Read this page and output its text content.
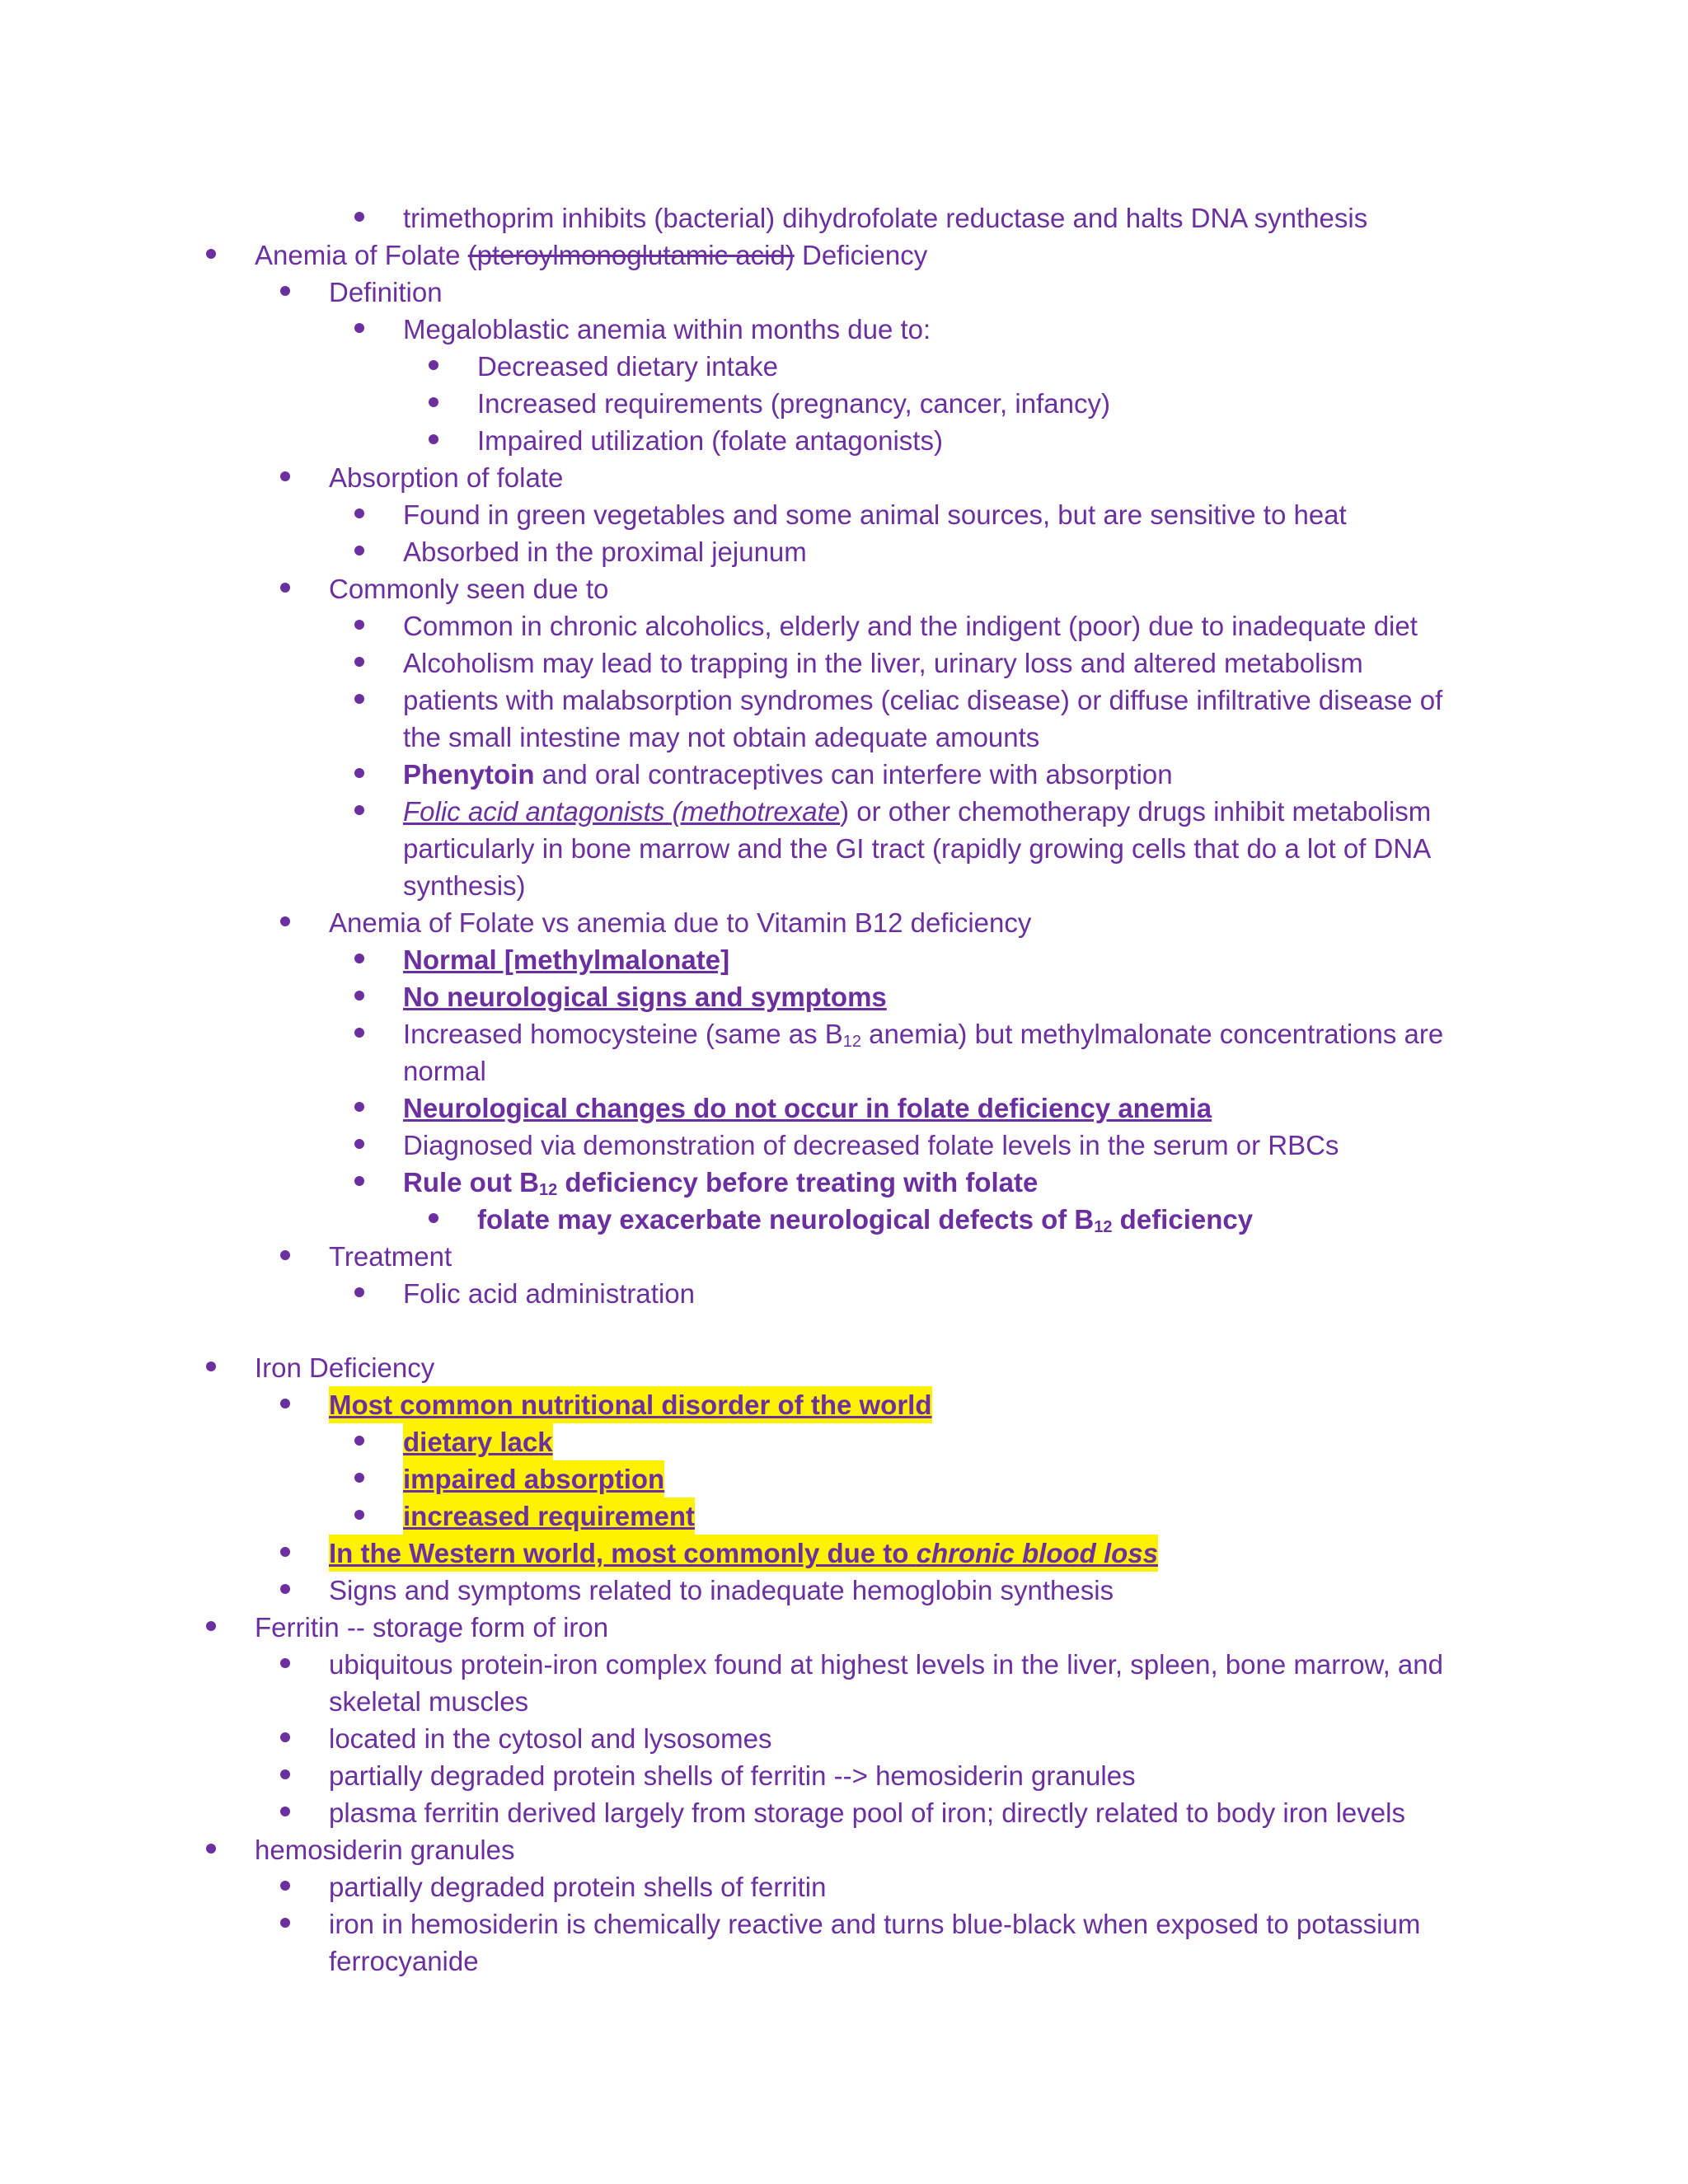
trimethoprim inhibits (bacterial) dihydrofolate reductase and halts DNA synthesis
Anemia of Folate (pteroylmonoglutamic acid) Deficiency
Definition
Megaloblastic anemia within months due to:
Decreased dietary intake
Increased requirements (pregnancy, cancer, infancy)
Impaired utilization (folate antagonists)
Absorption of folate
Found in green vegetables and some animal sources, but are sensitive to heat
Absorbed in the proximal jejunum
Commonly seen due to
Common in chronic alcoholics, elderly and the indigent (poor) due to inadequate diet
Alcoholism may lead to trapping in the liver, urinary loss and altered metabolism
patients with malabsorption syndromes (celiac disease) or diffuse infiltrative disease of
the small intestine may not obtain adequate amounts
Phenytoin and oral contraceptives can interfere with absorption
Folic acid antagonists (methotrexate) or other chemotherapy drugs inhibit metabolism
particularly in bone marrow and the GI tract (rapidly growing cells that do a lot of DNA
synthesis)
Anemia of Folate vs anemia due to Vitamin B12 deficiency
Normal [methylmalonate]
No neurological signs and symptoms
Increased homocysteine (same as $B_{12}$ anemia) but methylmalonate concentrations are
normal
Neurological changes do not occur in folate deficiency anemia
Diagnosed via demonstration of decreased folate levels in the serum or RBCs
Rule out $B_{12}$ deficiency before treating with folate
folate may exacerbate neurological defects of $B_{12}$ deficiency
Treatment
Folic acid administration
Iron Deficiency
Most common nutritional disorder of the world
dietary lack
impaired absorption
increased requirement
In the Western world, most commonly due to chronic blood loss
Signs and symptoms related to inadequate hemoglobin synthesis
Ferritin -- storage form of iron
ubiquitous protein-iron complex found at highest levels in the liver, spleen, bone marrow, and
skeletal muscles
located in the cytosol and lysosomes
partially degraded protein shells of ferritin --> hemosiderin granules
plasma ferritin derived largely from storage pool of iron; directly related to body iron levels
hemosiderin granules
partially degraded protein shells of ferritin
iron in hemosiderin is chemically reactive and turns blue-black when exposed to potassium
ferrocyanide
